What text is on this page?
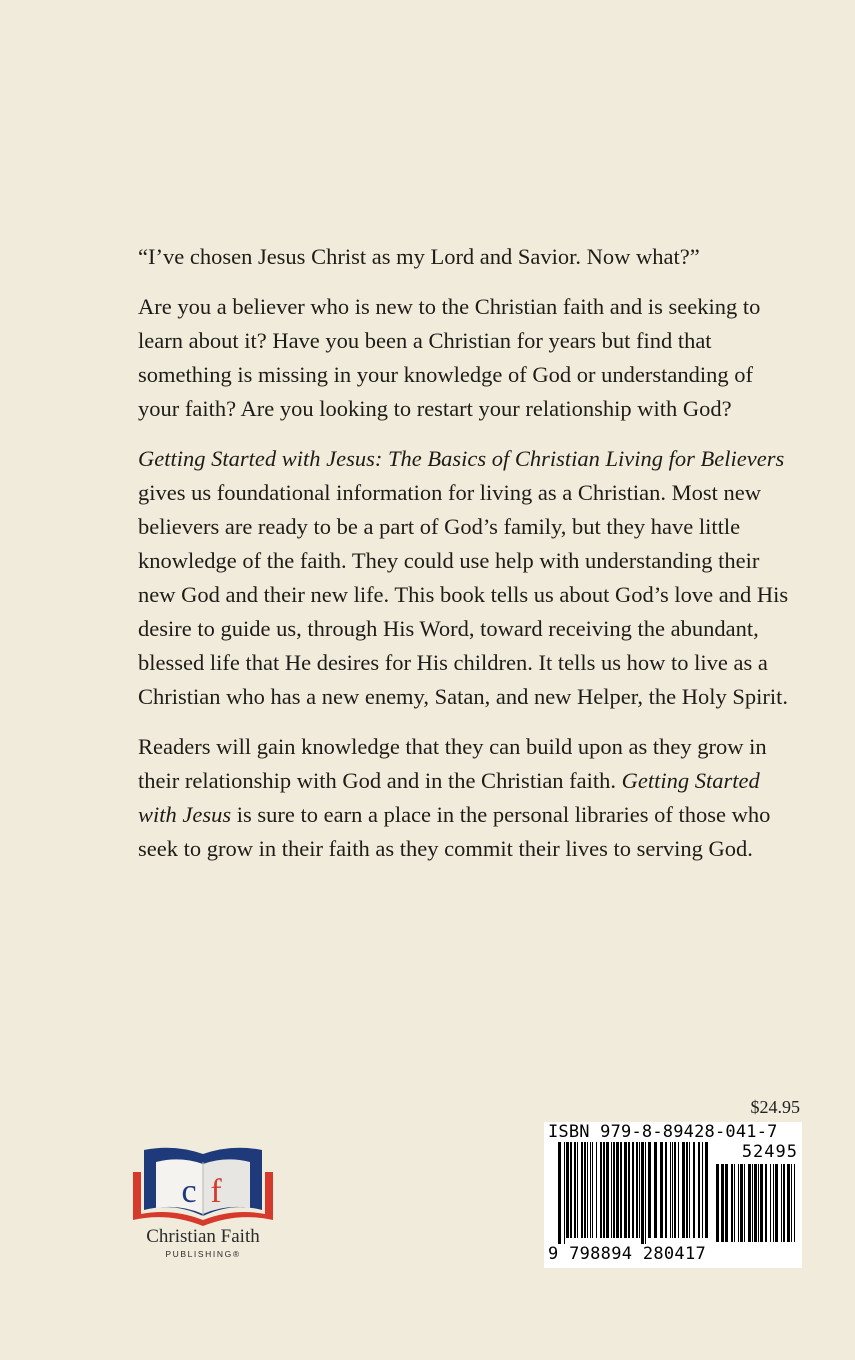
“I’ve chosen Jesus Christ as my Lord and Savior. Now what?”

Are you a believer who is new to the Christian faith and is seeking to learn about it? Have you been a Christian for years but find that something is missing in your knowledge of God or understanding of your faith? Are you looking to restart your relationship with God?

Getting Started with Jesus: The Basics of Christian Living for Believers gives us foundational information for living as a Christian. Most new believers are ready to be a part of God’s family, but they have little knowledge of the faith. They could use help with understanding their new God and their new life. This book tells us about God’s love and His desire to guide us, through His Word, toward receiving the abundant, blessed life that He desires for His children. It tells us how to live as a Christian who has a new enemy, Satan, and new Helper, the Holy Spirit.

Readers will gain knowledge that they can build upon as they grow in their relationship with God and in the Christian faith. Getting Started with Jesus is sure to earn a place in the personal libraries of those who seek to grow in their faith as they commit their lives to serving God.

c f
Christian Faith
PUBLISHING®
$24.95
ISBN 979-8-89428-041-7
52495
9 798894 280417
